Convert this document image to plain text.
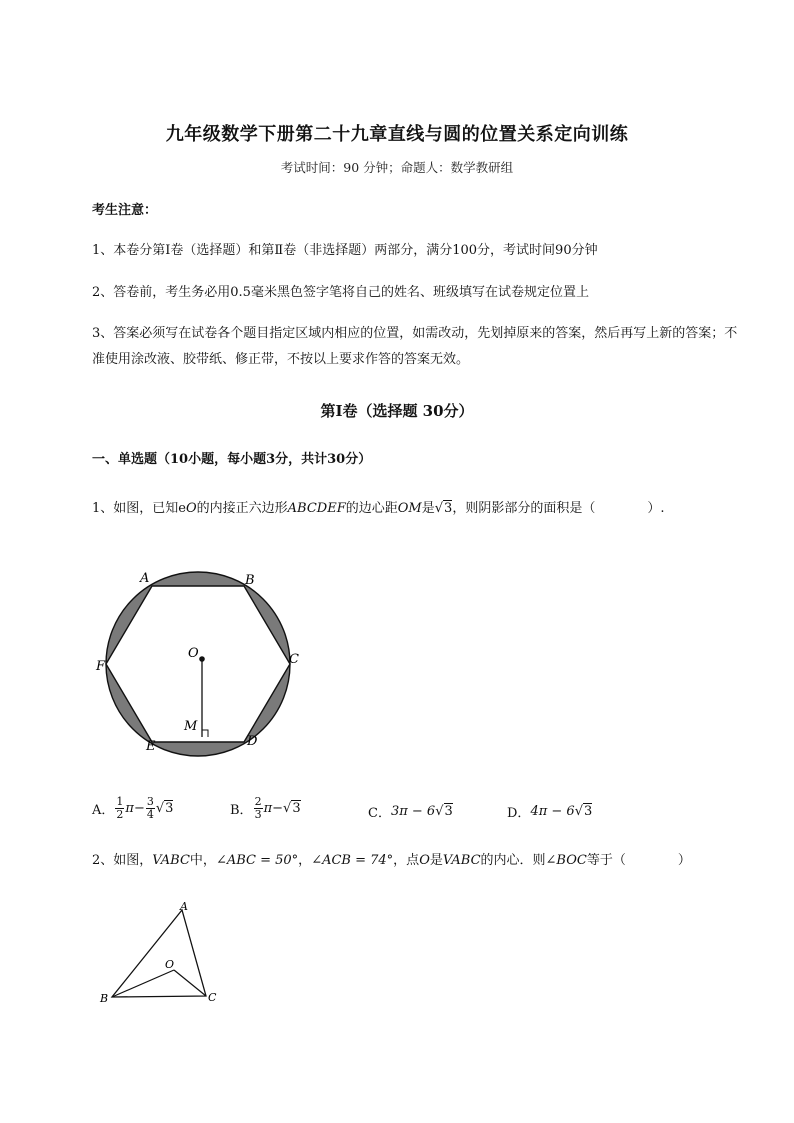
九年级数学下册第二十九章直线与圆的位置关系定向训练
考试时间：90 分钟；命题人：数学教研组
考生注意：
1、本卷分第I卷（选择题）和第Ⅱ卷（非选择题）两部分，满分100分，考试时间90分钟
2、答卷前，考生务必用0.5毫米黑色签字笔将自己的姓名、班级填写在试卷规定位置上
3、答案必须写在试卷各个题目指定区域内相应的位置，如需改动，先划掉原来的答案，然后再写上新的答案；不准使用涂改液、胶带纸、修正带，不按以上要求作答的答案无效。
第I卷（选择题 30分）
一、单选题（10小题，每小题3分，共计30分）
1、如图，已知eO的内接正六边形ABCDEF的边心距OM是√3，则阴影部分的面积是（	）.
A	B
C
D
E
F
O
M
A． $\frac{1}{2}$ $\pi - \frac{3}{4} √3$	B． $\frac{2}{3}$ π − √3	C． 3π − 6 √3	D． 4π − 6 √3
2、如图，VABC中，∠ABC = 50°，∠ACB = 74°，点O是VABC的内心．则∠BOC等于（	）
A
B	C
O
